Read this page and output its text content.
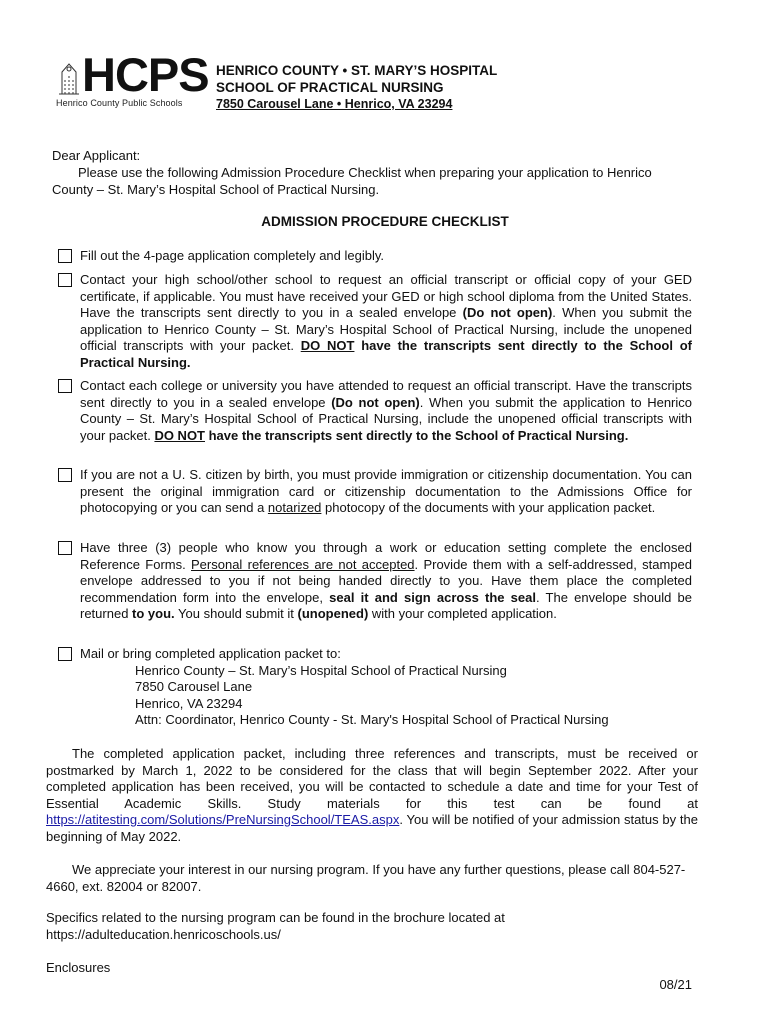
HCPS
Henrico County Public Schools
HENRICO COUNTY • ST. MARY’S HOSPITAL
SCHOOL OF PRACTICAL NURSING
7850 Carousel Lane • Henrico, VA 23294
Dear Applicant:
Please use the following Admission Procedure Checklist when preparing your application to Henrico County – St. Mary’s Hospital School of Practical Nursing.
ADMISSION PROCEDURE CHECKLIST
Fill out the 4-page application completely and legibly.
Contact your high school/other school to request an official transcript or official copy of your GED certificate, if applicable. You must have received your GED or high school diploma from the United States. Have the transcripts sent directly to you in a sealed envelope (Do not open). When you submit the application to Henrico County – St. Mary’s Hospital School of Practical Nursing, include the unopened official transcripts with your packet. DO NOT have the transcripts sent directly to the School of Practical Nursing.
Contact each college or university you have attended to request an official transcript. Have the transcripts sent directly to you in a sealed envelope (Do not open). When you submit the application to Henrico County – St. Mary’s Hospital School of Practical Nursing, include the unopened official transcripts with your packet. DO NOT have the transcripts sent directly to the School of Practical Nursing.
If you are not a U. S. citizen by birth, you must provide immigration or citizenship documentation. You can present the original immigration card or citizenship documentation to the Admissions Office for photocopying or you can send a notarized photocopy of the documents with your application packet.
Have three (3) people who know you through a work or education setting complete the enclosed Reference Forms. Personal references are not accepted. Provide them with a self-addressed, stamped envelope addressed to you if not being handed directly to you. Have them place the completed recommendation form into the envelope, seal it and sign across the seal. The envelope should be returned to you. You should submit it (unopened) with your completed application.
Mail or bring completed application packet to:
Henrico County – St. Mary’s Hospital School of Practical Nursing
7850 Carousel Lane
Henrico, VA 23294
Attn: Coordinator, Henrico County - St. Mary's Hospital School of Practical Nursing
The completed application packet, including three references and transcripts, must be received or postmarked by March 1, 2022 to be considered for the class that will begin September 2022. After your completed application has been received, you will be contacted to schedule a date and time for your Test of Essential Academic Skills. Study materials for this test can be found at https://atitesting.com/Solutions/PreNursingSchool/TEAS.aspx. You will be notified of your admission status by the beginning of May 2022.
We appreciate your interest in our nursing program. If you have any further questions, please call 804-527-4660, ext. 82004 or 82007.
Specifics related to the nursing program can be found in the brochure located at https://adulteducation.henricoschools.us/
Enclosures
08/21
